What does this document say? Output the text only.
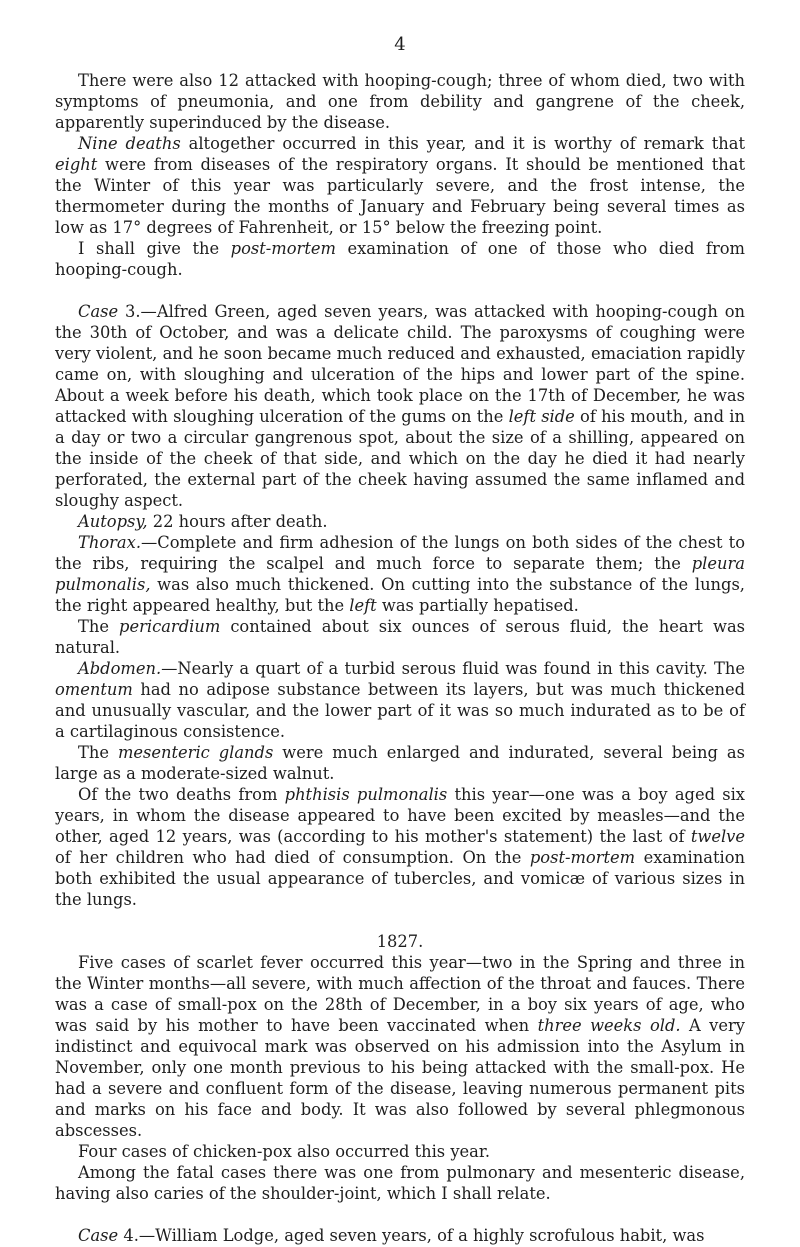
4

There were also 12 attacked with hooping-cough; three of whom died, two with symptoms of pneumonia, and one from debility and gangrene of the cheek, apparently superinduced by the disease.

Nine deaths altogether occurred in this year, and it is worthy of remark that eight were from diseases of the respiratory organs. It should be mentioned that the Winter of this year was particularly severe, and the frost intense, the thermometer during the months of January and February being several times as low as 17° degrees of Fahrenheit, or 15° below the freezing point.

I shall give the post-mortem examination of one of those who died from hooping-cough.

Case 3.—Alfred Green, aged seven years, was attacked with hooping-cough on the 30th of October, and was a delicate child. The paroxysms of coughing were very violent, and he soon became much reduced and exhausted, emaciation rapidly came on, with sloughing and ulceration of the hips and lower part of the spine. About a week before his death, which took place on the 17th of December, he was attacked with sloughing ulceration of the gums on the left side of his mouth, and in a day or two a circular gangrenous spot, about the size of a shilling, appeared on the inside of the cheek of that side, and which on the day he died it had nearly perforated, the external part of the cheek having assumed the same inflamed and sloughy aspect.

Autopsy, 22 hours after death.

Thorax.—Complete and firm adhesion of the lungs on both sides of the chest to the ribs, requiring the scalpel and much force to separate them; the pleura pulmonalis, was also much thickened. On cutting into the substance of the lungs, the right appeared healthy, but the left was partially hepatised.

The pericardium contained about six ounces of serous fluid, the heart was natural.

Abdomen.—Nearly a quart of a turbid serous fluid was found in this cavity. The omentum had no adipose substance between its layers, but was much thickened and unusually vascular, and the lower part of it was so much indurated as to be of a cartilaginous consistence.

The mesenteric glands were much enlarged and indurated, several being as large as a moderate-sized walnut.

Of the two deaths from phthisis pulmonalis this year—one was a boy aged six years, in whom the disease appeared to have been excited by measles—and the other, aged 12 years, was (according to his mother's statement) the last of twelve of her children who had died of consumption. On the post-mortem examination both exhibited the usual appearance of tubercles, and vomicæ of various sizes in the lungs.

1827.

Five cases of scarlet fever occurred this year—two in the Spring and three in the Winter months—all severe, with much affection of the throat and fauces. There was a case of small-pox on the 28th of December, in a boy six years of age, who was said by his mother to have been vaccinated when three weeks old. A very indistinct and equivocal mark was observed on his admission into the Asylum in November, only one month previous to his being attacked with the small-pox. He had a severe and confluent form of the disease, leaving numerous permanent pits and marks on his face and body. It was also followed by several phlegmonous abscesses.

Four cases of chicken-pox also occurred this year.

Among the fatal cases there was one from pulmonary and mesenteric disease, having also caries of the shoulder-joint, which I shall relate.

Case 4.—William Lodge, aged seven years, of a highly scrofulous habit, was
